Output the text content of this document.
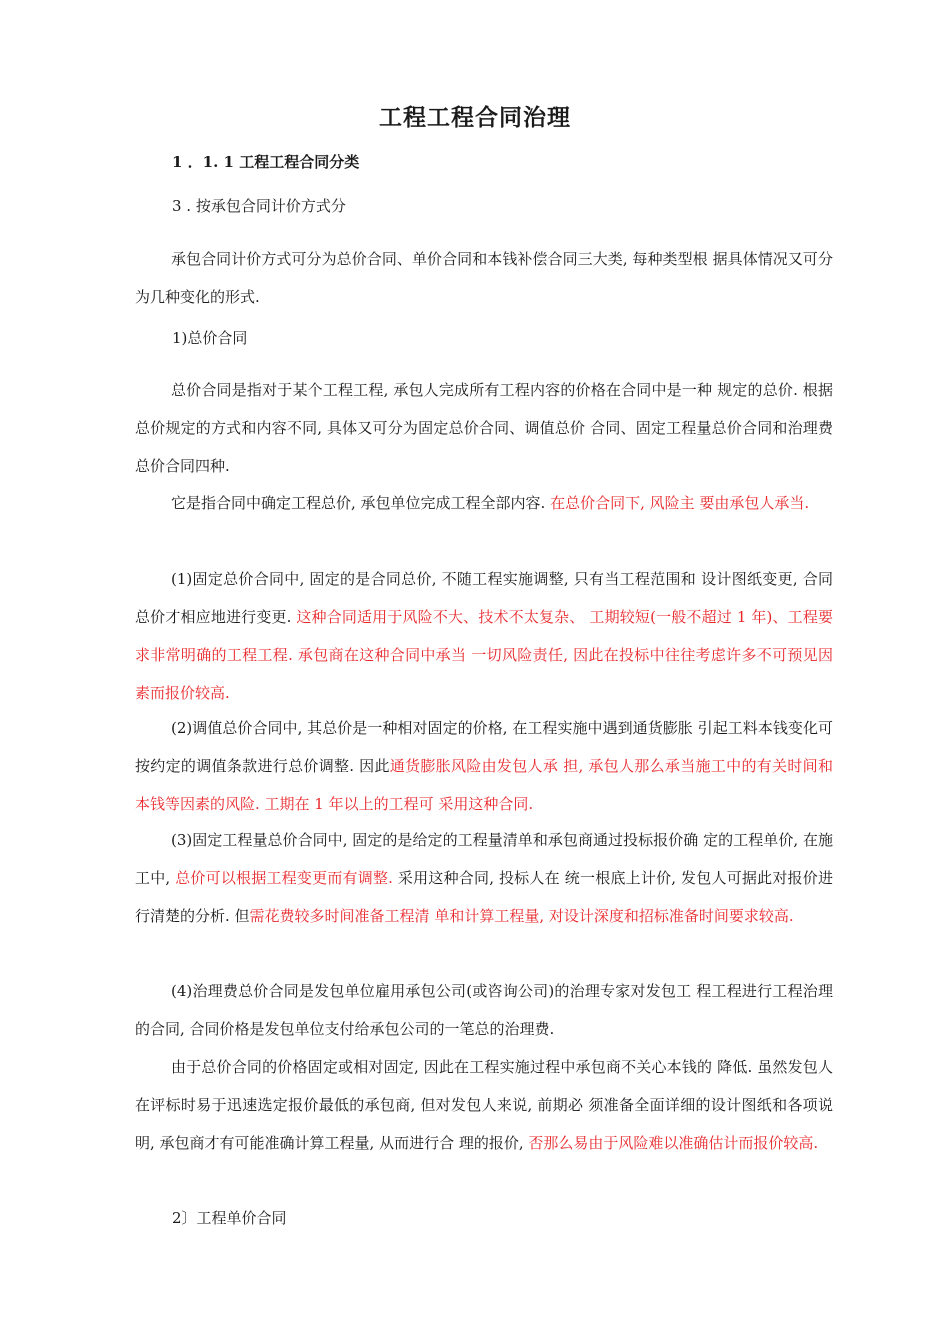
工程工程合同治理
1 ．1. 1 工程工程合同分类
3 . 按承包合同计价方式分

承包合同计价方式可分为总价合同、单价合同和本钱补偿合同三大类, 每种类型根 据具体情况又可分为几种变化的形式.

1)总价合同

总价合同是指对于某个工程工程, 承包人完成所有工程内容的价格在合同中是一种 规定的总价. 根据总价规定的方式和内容不同, 具体又可分为固定总价合同、调值总价 合同、固定工程量总价合同和治理费总价合同四种.

它是指合同中确定工程总价, 承包单位完成工程全部内容. 在总价合同下, 风险主 要由承包人承当.

(1)固定总价合同中, 固定的是合同总价, 不随工程实施调整, 只有当工程范围和 设计图纸变更, 合同总价才相应地进行变更. 这种合同适用于风险不大、技术不太复杂、 工期较短(一般不超过 1 年)、工程要求非常明确的工程工程. 承包商在这种合同中承当 一切风险责任, 因此在投标中往往考虑许多不可预见因素而报价较高.

(2)调值总价合同中, 其总价是一种相对固定的价格, 在工程实施中遇到通货膨胀 引起工料本钱变化可按约定的调值条款进行总价调整. 因此通货膨胀风险由发包人承 担, 承包人那么承当施工中的有关时间和本钱等因素的风险. 工期在 1 年以上的工程可 采用这种合同.

(3)固定工程量总价合同中, 固定的是给定的工程量清单和承包商通过投标报价确 定的工程单价, 在施工中, 总价可以根据工程变更而有调整. 采用这种合同, 投标人在 统一根底上计价, 发包人可据此对报价进行清楚的分析. 但需花费较多时间准备工程清 单和计算工程量, 对设计深度和招标准备时间要求较高.

(4)治理费总价合同是发包单位雇用承包公司(或咨询公司)的治理专家对发包工 程工程进行工程治理的合同, 合同价格是发包单位支付给承包公司的一笔总的治理费.

由于总价合同的价格固定或相对固定, 因此在工程实施过程中承包商不关心本钱的 降低. 虽然发包人在评标时易于迅速选定报价最低的承包商, 但对发包人来说, 前期必 须准备全面详细的设计图纸和各项说明, 承包商才有可能准确计算工程量, 从而进行合 理的报价, 否那么易由于风险难以准确估计而报价较高.

2〕工程单价合同
